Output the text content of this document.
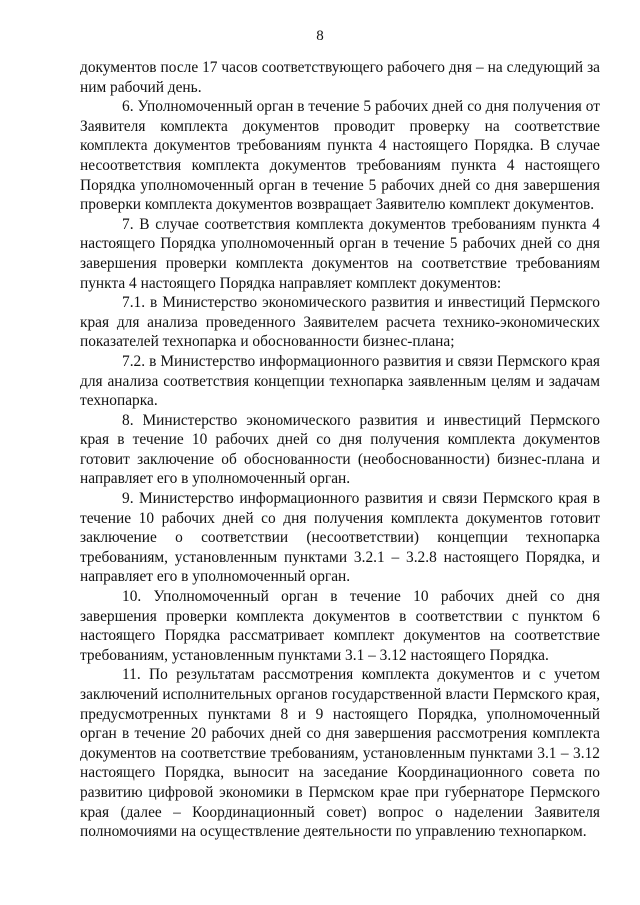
8

документов после 17 часов соответствующего рабочего дня – на следующий за ним рабочий день.

6. Уполномоченный орган в течение 5 рабочих дней со дня получения от Заявителя комплекта документов проводит проверку на соответствие комплекта документов требованиям пункта 4 настоящего Порядка. В случае несоответствия комплекта документов требованиям пункта 4 настоящего Порядка уполномоченный орган в течение 5 рабочих дней со дня завершения проверки комплекта документов возвращает Заявителю комплект документов.

7. В случае соответствия комплекта документов требованиям пункта 4 настоящего Порядка уполномоченный орган в течение 5 рабочих дней со дня завершения проверки комплекта документов на соответствие требованиям пункта 4 настоящего Порядка направляет комплект документов:

7.1. в Министерство экономического развития и инвестиций Пермского края для анализа проведенного Заявителем расчета технико-экономических показателей технопарка и обоснованности бизнес-плана;

7.2. в Министерство информационного развития и связи Пермского края для анализа соответствия концепции технопарка заявленным целям и задачам технопарка.

8. Министерство экономического развития и инвестиций Пермского края в течение 10 рабочих дней со дня получения комплекта документов готовит заключение об обоснованности (необоснованности) бизнес-плана и направляет его в уполномоченный орган.

9. Министерство информационного развития и связи Пермского края в течение 10 рабочих дней со дня получения комплекта документов готовит заключение о соответствии (несоответствии) концепции технопарка требованиям, установленным пунктами 3.2.1 – 3.2.8 настоящего Порядка, и направляет его в уполномоченный орган.

10. Уполномоченный орган в течение 10 рабочих дней со дня завершения проверки комплекта документов в соответствии с пунктом 6 настоящего Порядка рассматривает комплект документов на соответствие требованиям, установленным пунктами 3.1 – 3.12 настоящего Порядка.

11. По результатам рассмотрения комплекта документов и с учетом заключений исполнительных органов государственной власти Пермского края, предусмотренных пунктами 8 и 9 настоящего Порядка, уполномоченный орган в течение 20 рабочих дней со дня завершения рассмотрения комплекта документов на соответствие требованиям, установленным пунктами 3.1 – 3.12 настоящего Порядка, выносит на заседание Координационного совета по развитию цифровой экономики в Пермском крае при губернаторе Пермского края (далее – Координационный совет) вопрос о наделении Заявителя полномочиями на осуществление деятельности по управлению технопарком.
